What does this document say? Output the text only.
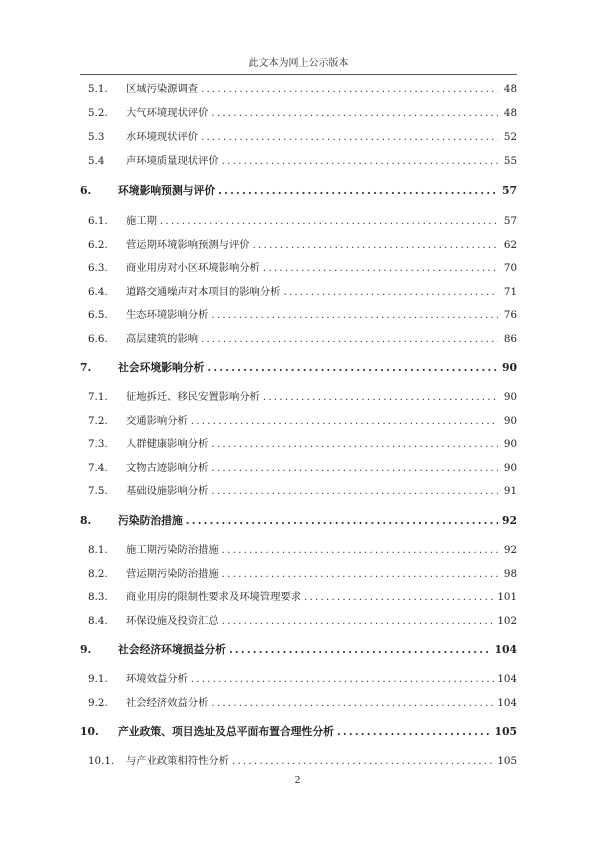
此文本为网上公示版本
5.1.	区域污染源调查 .....	48
5.2.	大气环境现状评价 .....	48
5.3	水环境现状评价 .....	52
5.4	声环境质量现状评价 .....	55
6.	环境影响预测与评价 .....	57
6.1.	施工期 .....	57
6.2.	营运期环境影响预测与评价 .....	62
6.3.	商业用房对小区环境影响分析 .....	70
6.4.	道路交通噪声对本项目的影响分析 .....	71
6.5.	生态环境影响分析 .....	76
6.6.	高层建筑的影响 .....	86
7.	社会环境影响分析 .....	90
7.1.	征地拆迁、移民安置影响分析 .....	90
7.2.	交通影响分析 .....	90
7.3.	人群健康影响分析 .....	90
7.4.	文物古迹影响分析 .....	90
7.5.	基础设施影响分析 .....	91
8.	污染防治措施 .....	92
8.1.	施工期污染防治措施 .....	92
8.2.	营运期污染防治措施 .....	98
8.3.	商业用房的限制性要求及环境管理要求 .....	101
8.4.	环保设施及投资汇总 .....	102
9.	社会经济环境损益分析 .....	104
9.1.	环境效益分析 .....	104
9.2.	社会经济效益分析 .....	104
10.	产业政策、项目选址及总平面布置合理性分析 .....	105
10.1.	与产业政策相符性分析 .....	105
2
